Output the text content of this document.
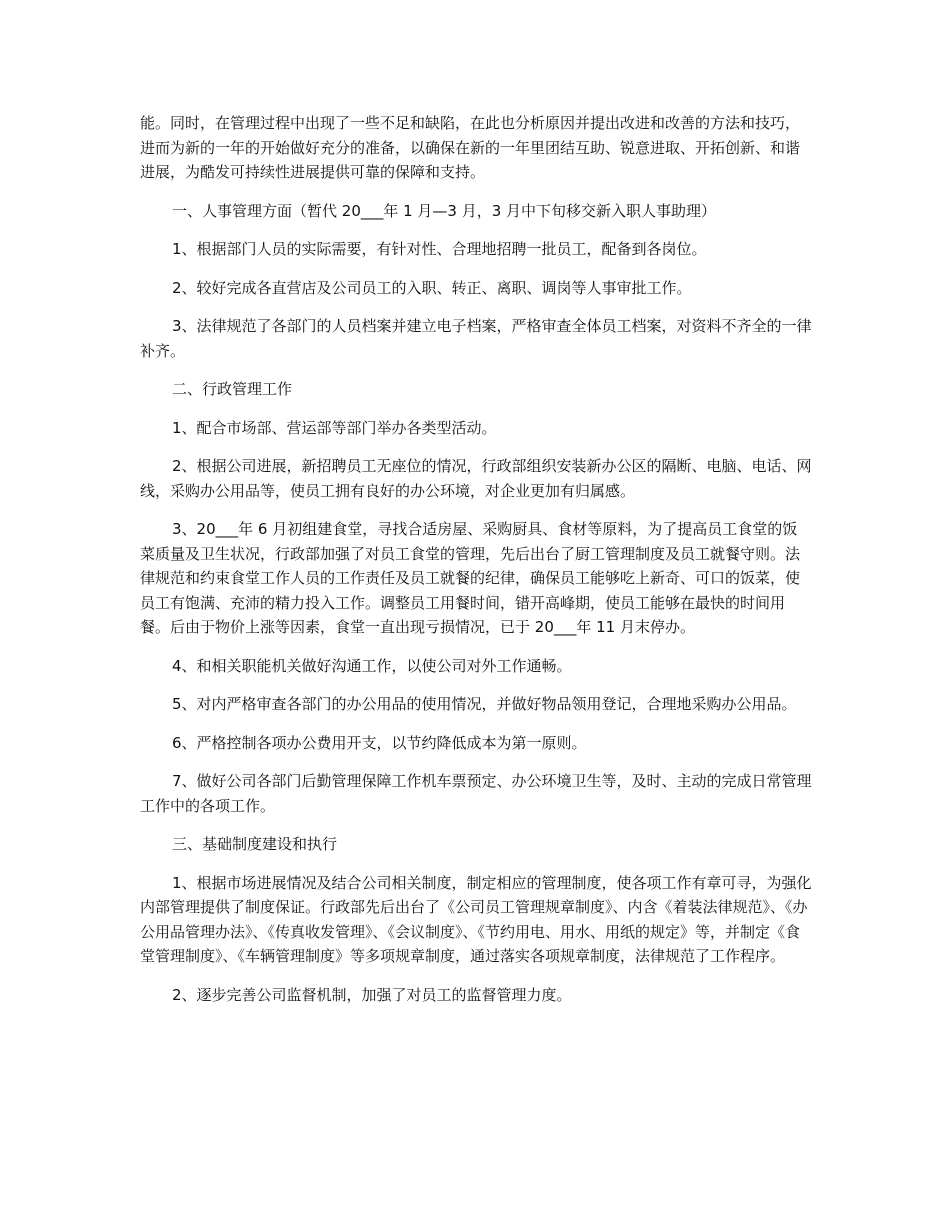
能。同时，在管理过程中出现了一些不足和缺陷，在此也分析原因并提出改进和改善的方法和技巧，进而为新的一年的开始做好充分的准备，以确保在新的一年里团结互助、锐意进取、开拓创新、和谐进展，为酷发可持续性进展提供可靠的保障和支持。

一、人事管理方面（暂代 20___年 1 月—3 月，3 月中下旬移交新入职人事助理）

1、根据部门人员的实际需要，有针对性、合理地招聘一批员工，配备到各岗位。

2、较好完成各直营店及公司员工的入职、转正、离职、调岗等人事审批工作。

3、法律规范了各部门的人员档案并建立电子档案，严格审查全体员工档案，对资料不齐全的一律补齐。

二、行政管理工作

1、配合市场部、营运部等部门举办各类型活动。

2、根据公司进展，新招聘员工无座位的情况，行政部组织安装新办公区的隔断、电脑、电话、网线，采购办公用品等，使员工拥有良好的办公环境，对企业更加有归属感。

3、20___年 6 月初组建食堂，寻找合适房屋、采购厨具、食材等原料，为了提高员工食堂的饭菜质量及卫生状况，行政部加强了对员工食堂的管理，先后出台了厨工管理制度及员工就餐守则。法律规范和约束食堂工作人员的工作责任及员工就餐的纪律，确保员工能够吃上新奇、可口的饭菜，使员工有饱满、充沛的精力投入工作。调整员工用餐时间，错开高峰期，使员工能够在最快的时间用餐。后由于物价上涨等因素，食堂一直出现亏损情况，已于 20___年 11 月末停办。

4、和相关职能机关做好沟通工作，以使公司对外工作通畅。

5、对内严格审查各部门的办公用品的使用情况，并做好物品领用登记，合理地采购办公用品。

6、严格控制各项办公费用开支，以节约降低成本为第一原则。

7、做好公司各部门后勤管理保障工作机车票预定、办公环境卫生等，及时、主动的完成日常管理工作中的各项工作。

三、基础制度建设和执行

1、根据市场进展情况及结合公司相关制度，制定相应的管理制度，使各项工作有章可寻，为强化内部管理提供了制度保证。行政部先后出台了《公司员工管理规章制度》、内含《着装法律规范》、《办公用品管理办法》、《传真收发管理》、《会议制度》、《节约用电、用水、用纸的规定》等，并制定《食堂管理制度》、《车辆管理制度》等多项规章制度，通过落实各项规章制度，法律规范了工作程序。

2、逐步完善公司监督机制，加强了对员工的监督管理力度。
